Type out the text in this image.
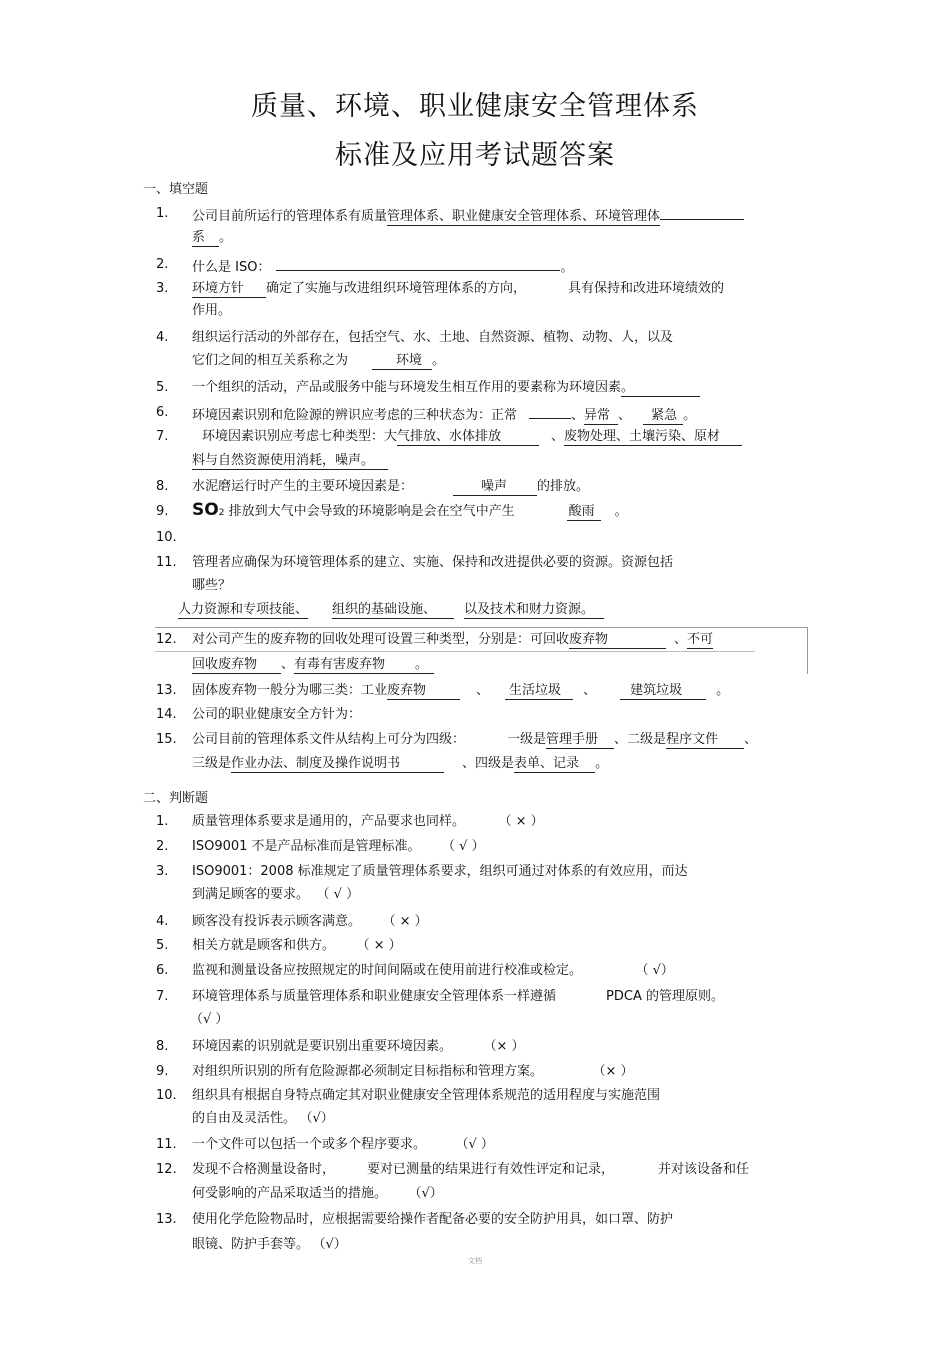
质量、环境、职业健康安全管理体系
标准及应用考试题答案
一、填空题
1. 公司目前所运行的管理体系有质量管理体系、职业健康安全管理体系、环境管理体
系 。
2. 什么是 ISO：	。
3. 环境方针 确定了实施与改进组织环境管理体系的方向，	具有保持和改进环境绩效的
作用。
4. 组织运行活动的外部存在，包括空气、水、土地、自然资源、植物、动物、人，以及
它们之间的相互关系称之为	环境 。
5. 一个组织的活动，产品或服务中能与环境发生相互作用的要素称为环境因素。
6. 环境因素识别和危险源的辨识应考虑的三种状态为：正常	、异常 、 紧急 。
7.	环境因素识别应考虑七种类型：大气排放、水体排放	、废物处理、土壤污染、原材
料与自然资源使用消耗，噪声。
8. 水泥磨运行时产生的主要环境因素是：	噪声 的排放。
9. SO2 排放到大气中会导致的环境影响是会在空气中产生	酸雨 。
10.
11. 管理者应确保为环境管理体系的建立、实施、保持和改进提供必要的资源。资源包括
哪些？
人力资源和专项技能、 组织的基础设施、 以及技术和财力资源。
12. 对公司产生的废弃物的回收处理可设置三种类型，分别是：可回收废弃物	、不可
回收废弃物 、有毒有害废弃物 。
13. 固体废弃物一般分为哪三类：工业废弃物	、 生活垃圾 、	建筑垃圾	。
14. 公司的职业健康安全方针为：
15. 公司目前的管理体系文件从结构上可分为四级：	一级是管理手册 、二级是程序文件 、
三级是作业办法、制度及操作说明书	、四级是表单、记录 。
二、判断题
1. 质量管理体系要求是通用的，产品要求也同样。	（ × ）
2. ISO9001 不是产品标准而是管理标准。 （ √ ）
3. ISO9001：2008 标准规定了质量管理体系要求，组织可通过对体系的有效应用，而达
到满足顾客的要求。 （ √ ）
4. 顾客没有投诉表示顾客满意。 （ × ）
5. 相关方就是顾客和供方。 （ × ）
6. 监视和测量设备应按照规定的时间间隔或在使用前进行校准或检定。	（ √）
7. 环境管理体系与质量管理体系和职业健康安全管理体系一样遵循	PDCA 的管理原则。
（√ ）
8. 环境因素的识别就是要识别出重要环境因素。	（× ）
9. 对组织所识别的所有危险源都必须制定目标指标和管理方案。	（× ）
10. 组织具有根据自身特点确定其对职业健康安全管理体系规范的适用程度与实施范围
的自由及灵活性。 （√）
11. 一个文件可以包括一个或多个程序要求。	（√ ）
12. 发现不合格测量设备时， 要对已测量的结果进行有效性评定和记录，	并对该设备和任
何受影响的产品采取适当的措施。 （√）
13. 使用化学危险物品时，应根据需要给操作者配备必要的安全防护用具，如口罩、防护
眼镜、防护手套等。 （√）
文档
